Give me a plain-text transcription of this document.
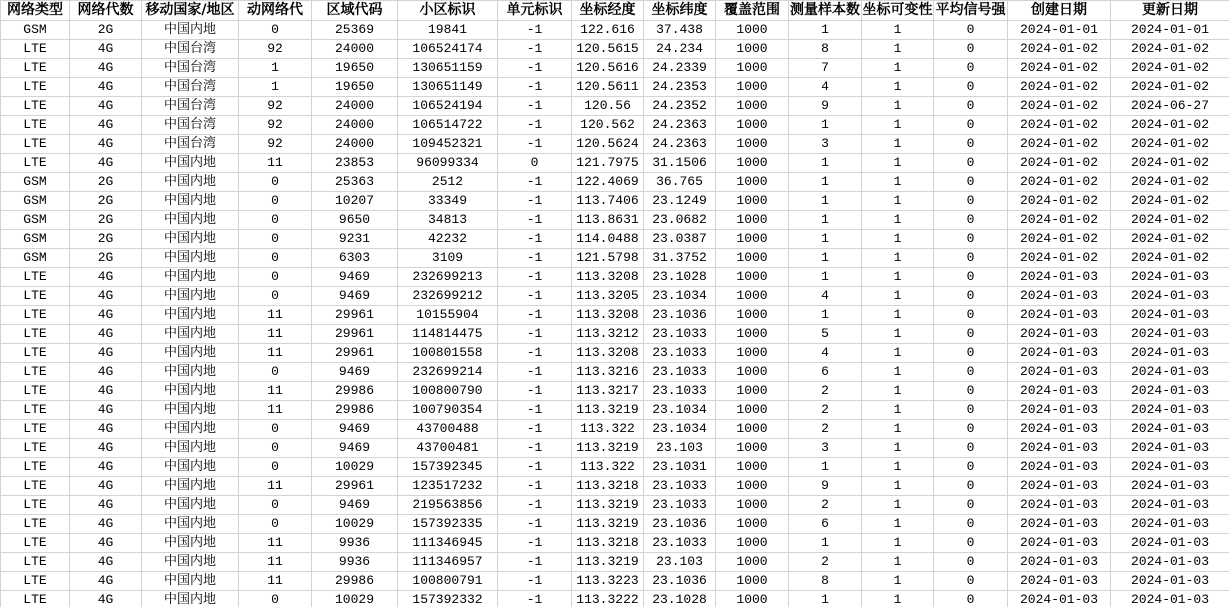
网络类型	网络代数	移动国家/地区	动网络代	区域代码	小区标识	单元标识	坐标经度	坐标纬度	覆盖范围	测量样本数	坐标可变性	平均信号强	创建日期	更新日期
GSM	2G	中国内地	0	25369	19841	-1	122.616	37.438	1000	1	1	0	2024-01-01	2024-01-01
LTE	4G	中国台湾	92	24000	106524174	-1	120.5615	24.234	1000	8	1	0	2024-01-02	2024-01-02
LTE	4G	中国台湾	1	19650	130651159	-1	120.5616	24.2339	1000	7	1	0	2024-01-02	2024-01-02
LTE	4G	中国台湾	1	19650	130651149	-1	120.5611	24.2353	1000	4	1	0	2024-01-02	2024-01-02
LTE	4G	中国台湾	92	24000	106524194	-1	120.56	24.2352	1000	9	1	0	2024-01-02	2024-06-27
LTE	4G	中国台湾	92	24000	106514722	-1	120.562	24.2363	1000	1	1	0	2024-01-02	2024-01-02
LTE	4G	中国台湾	92	24000	109452321	-1	120.5624	24.2363	1000	3	1	0	2024-01-02	2024-01-02
LTE	4G	中国内地	11	23853	96099334	0	121.7975	31.1506	1000	1	1	0	2024-01-02	2024-01-02
GSM	2G	中国内地	0	25363	2512	-1	122.4069	36.765	1000	1	1	0	2024-01-02	2024-01-02
GSM	2G	中国内地	0	10207	33349	-1	113.7406	23.1249	1000	1	1	0	2024-01-02	2024-01-02
GSM	2G	中国内地	0	9650	34813	-1	113.8631	23.0682	1000	1	1	0	2024-01-02	2024-01-02
GSM	2G	中国内地	0	9231	42232	-1	114.0488	23.0387	1000	1	1	0	2024-01-02	2024-01-02
GSM	2G	中国内地	0	6303	3109	-1	121.5798	31.3752	1000	1	1	0	2024-01-02	2024-01-02
LTE	4G	中国内地	0	9469	232699213	-1	113.3208	23.1028	1000	1	1	0	2024-01-03	2024-01-03
LTE	4G	中国内地	0	9469	232699212	-1	113.3205	23.1034	1000	4	1	0	2024-01-03	2024-01-03
LTE	4G	中国内地	11	29961	10155904	-1	113.3208	23.1036	1000	1	1	0	2024-01-03	2024-01-03
LTE	4G	中国内地	11	29961	114814475	-1	113.3212	23.1033	1000	5	1	0	2024-01-03	2024-01-03
LTE	4G	中国内地	11	29961	100801558	-1	113.3208	23.1033	1000	4	1	0	2024-01-03	2024-01-03
LTE	4G	中国内地	0	9469	232699214	-1	113.3216	23.1033	1000	6	1	0	2024-01-03	2024-01-03
LTE	4G	中国内地	11	29986	100800790	-1	113.3217	23.1033	1000	2	1	0	2024-01-03	2024-01-03
LTE	4G	中国内地	11	29986	100790354	-1	113.3219	23.1034	1000	2	1	0	2024-01-03	2024-01-03
LTE	4G	中国内地	0	9469	43700488	-1	113.322	23.1034	1000	2	1	0	2024-01-03	2024-01-03
LTE	4G	中国内地	0	9469	43700481	-1	113.3219	23.103	1000	3	1	0	2024-01-03	2024-01-03
LTE	4G	中国内地	0	10029	157392345	-1	113.322	23.1031	1000	1	1	0	2024-01-03	2024-01-03
LTE	4G	中国内地	11	29961	123517232	-1	113.3218	23.1033	1000	9	1	0	2024-01-03	2024-01-03
LTE	4G	中国内地	0	9469	219563856	-1	113.3219	23.1033	1000	2	1	0	2024-01-03	2024-01-03
LTE	4G	中国内地	0	10029	157392335	-1	113.3219	23.1036	1000	6	1	0	2024-01-03	2024-01-03
LTE	4G	中国内地	11	9936	111346945	-1	113.3218	23.1033	1000	1	1	0	2024-01-03	2024-01-03
LTE	4G	中国内地	11	9936	111346957	-1	113.3219	23.103	1000	2	1	0	2024-01-03	2024-01-03
LTE	4G	中国内地	11	29986	100800791	-1	113.3223	23.1036	1000	8	1	0	2024-01-03	2024-01-03
LTE	4G	中国内地	0	10029	157392332	-1	113.3222	23.1028	1000	1	1	0	2024-01-03	2024-01-03
